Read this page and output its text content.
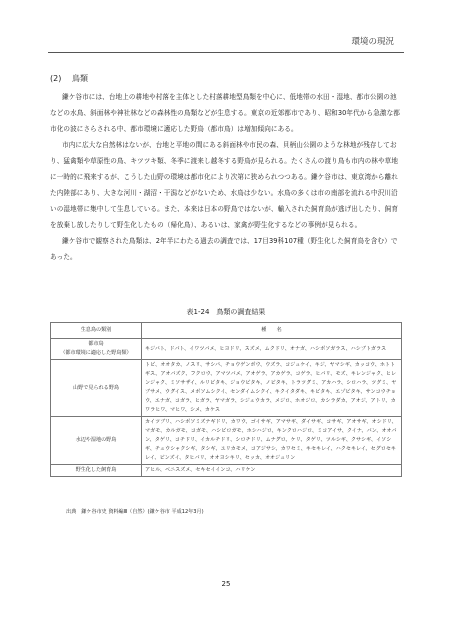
環境の現況
(2) 鳥類

鎌ケ谷市には、台地上の耕地や村落を主体とした村落耕地型鳥類を中心に、低地帯の水田・湿地、都市公園の池などの水鳥、斜面林や神社林などの森林性の鳥類などが生息する。東京の近郊都市であり、昭和30年代から急激な都市化の波にさらされる中、都市環境に適応した野鳥（都市鳥）は増加傾向にある。

市内に広大な自然林はないが、台地と平地の間にある斜面林や市民の森、貝柄山公園のような林地が残存しており、猛禽類や草原性の鳥、キツツキ類、冬季に渡来し越冬する野鳥が見られる。たくさんの渡り鳥も市内の林や草地に一時的に飛来するが、こうした山野の環境は都市化により次第に狭められつつある。鎌ケ谷市は、東京湾から離れた内陸部にあり、大きな河川・湖沼・干潟などがないため、水鳥は少ない。水鳥の多くは市の南部を流れる中沢川沿いの湿地帯に集中して生息している。また、本来は日本の野鳥ではないが、輸入された飼育鳥が逃げ出したり、飼育を放棄し放したりして野生化したもの（帰化鳥）、あるいは、家禽が野生化するなどの事例が見られる。

鎌ケ谷市で観察された鳥類は、2年半にわたる過去の調査では、17目39科107種（野生化した飼育鳥を含む）であった。

表1-24　鳥類の調査結果
生息鳥の類別	種　　名
都市鳥
（都市環境に適応した野鳥類）	キジバト、ドバト、イワツバメ、ヒヨドリ、スズメ、ムクドリ、オナガ、ハシボソガラス、ハシブトガラス
山野で見られる野鳥	トビ、オオタカ、ノスリ、サシバ、チョウゲンボウ、ウズラ、コジュケイ、キジ、ヤマシギ、カッコウ、ホトトギス、アオバズク、フクロウ、アマツバメ、アオゲラ、アカゲラ、コゲラ、ヒバリ、モズ、キレンジャク、ヒレンジャク、ミソサザイ、ルリビタキ、ジョウビタキ、ノビタキ、トラツグミ、アカハラ、シロハラ、ツグミ、ヤブサメ、ウグイス、メボソムシクイ、センダイムシクイ、キクイタダキ、キビタキ、エゾビタキ、サンコウチョウ、エナガ、コガラ、ヒガラ、ヤマガラ、シジュウカラ、メジロ、ホオジロ、カシラダカ、アオジ、アトリ、カワラヒワ、マヒワ、シメ、カケス
水辺や湿地の野鳥	カイツブリ、ハシボソミズナギドリ、カワウ、ゴイサギ、アマサギ、ダイサギ、コサギ、アオサギ、オシドリ、マガモ、カルガモ、コガモ、ハシビロガモ、ホシハジロ、キンクロハジロ、ミコアイサ、クイナ、バン、オオバン、タゲリ、コチドリ、イカルチドリ、シロチドリ、ムナグロ、ケリ、タゲリ、ツルシギ、クサシギ、イソシギ、チュウシャクシギ、タシギ、ユリカモメ、コアジサシ、カワセミ、キセキレイ、ハクセキレイ、セグロセキレイ、ビンズイ、タヒバリ、オオヨシキリ、セッカ、オオジュリン
野生化した飼育鳥	アヒル、ベニスズメ、セキセイインコ、ハリケン
出典　鎌ケ谷市史 資料編Ⅲ（自然）(鎌ケ谷市 平成12年3月)
25
